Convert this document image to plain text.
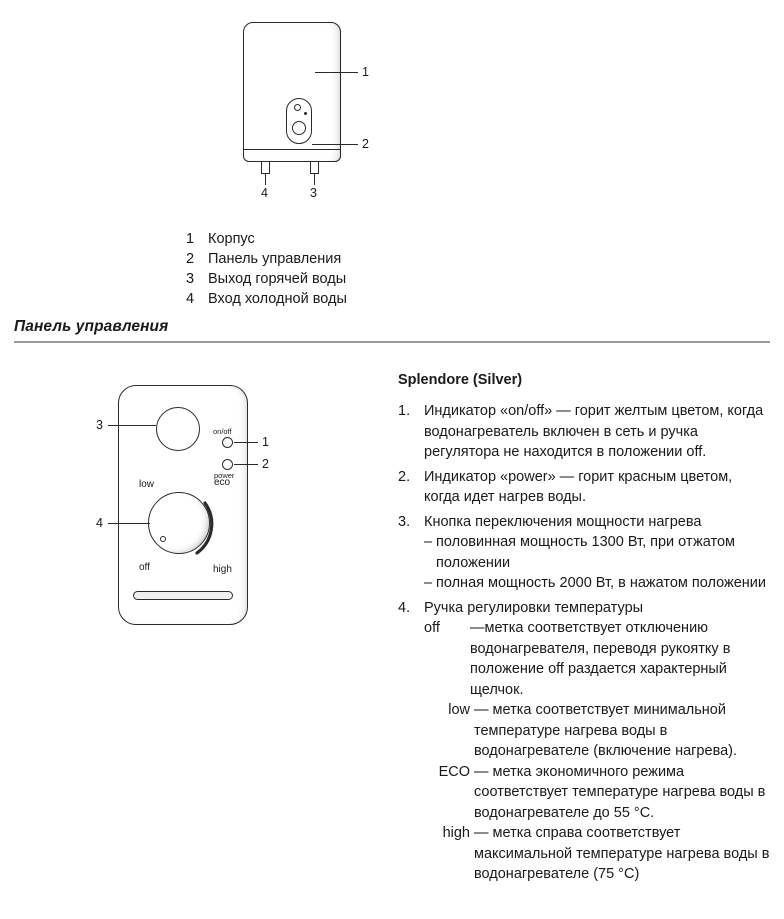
1
2
3
4
1 Корпус
2 Панель управления
3 Выход горячей воды
4 Вход холодной воды
Панель управления
on/off
power
low	eco
off	high
3
1
2
4
Splendore (Silver)
1. Индикатор «on/off» — горит желтым цветом, когда водонагреватель включен в сеть и ручка регулятора не находится в положении off.
2. Индикатор «power» — горит красным цветом, когда идет нагрев воды.
3. Кнопка переключения мощности нагрева
– половинная мощность 1300 Вт, при отжатом положении
– полная мощность 2000 Вт, в нажатом положении
4. Ручка регулировки температуры
off	—метка соответствует отключению водонагревателя, переводя рукоятку в положение off раздается характерный щелчок.
low — метка соответствует минимальной температуре нагрева воды в водонагревателе (включение нагрева).
ECO — метка экономичного режима соответствует температуре нагрева воды в водонагревателе до 55 °C.
high — метка справа соответствует максимальной температуре нагрева воды в водонагревателе (75 °C)
